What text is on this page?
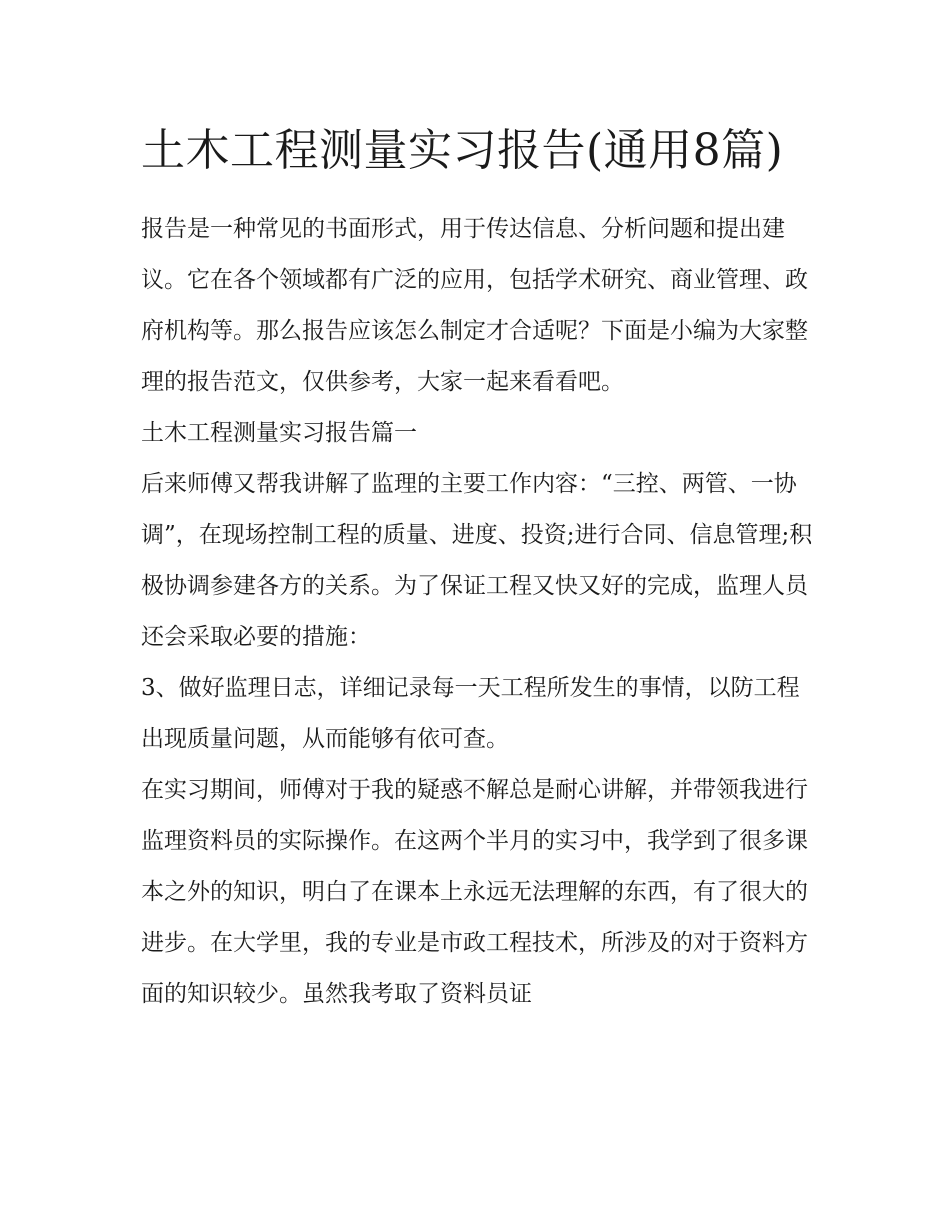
土木工程测量实习报告(通用8篇)

报告是一种常见的书面形式，用于传达信息、分析问题和提出建议。它在各个领域都有广泛的应用，包括学术研究、商业管理、政府机构等。那么报告应该怎么制定才合适呢？下面是小编为大家整理的报告范文，仅供参考，大家一起来看看吧。

土木工程测量实习报告篇一

后来师傅又帮我讲解了监理的主要工作内容：“三控、两管、一协调”，在现场控制工程的质量、进度、投资;进行合同、信息管理;积极协调参建各方的关系。为了保证工程又快又好的完成，监理人员还会采取必要的措施：

3、做好监理日志，详细记录每一天工程所发生的事情，以防工程出现质量问题，从而能够有依可查。

在实习期间，师傅对于我的疑惑不解总是耐心讲解，并带领我进行监理资料员的实际操作。在这两个半月的实习中，我学到了很多课本之外的知识，明白了在课本上永远无法理解的东西，有了很大的进步。在大学里，我的专业是市政工程技术，所涉及的对于资料方面的知识较少。虽然我考取了资料员证
